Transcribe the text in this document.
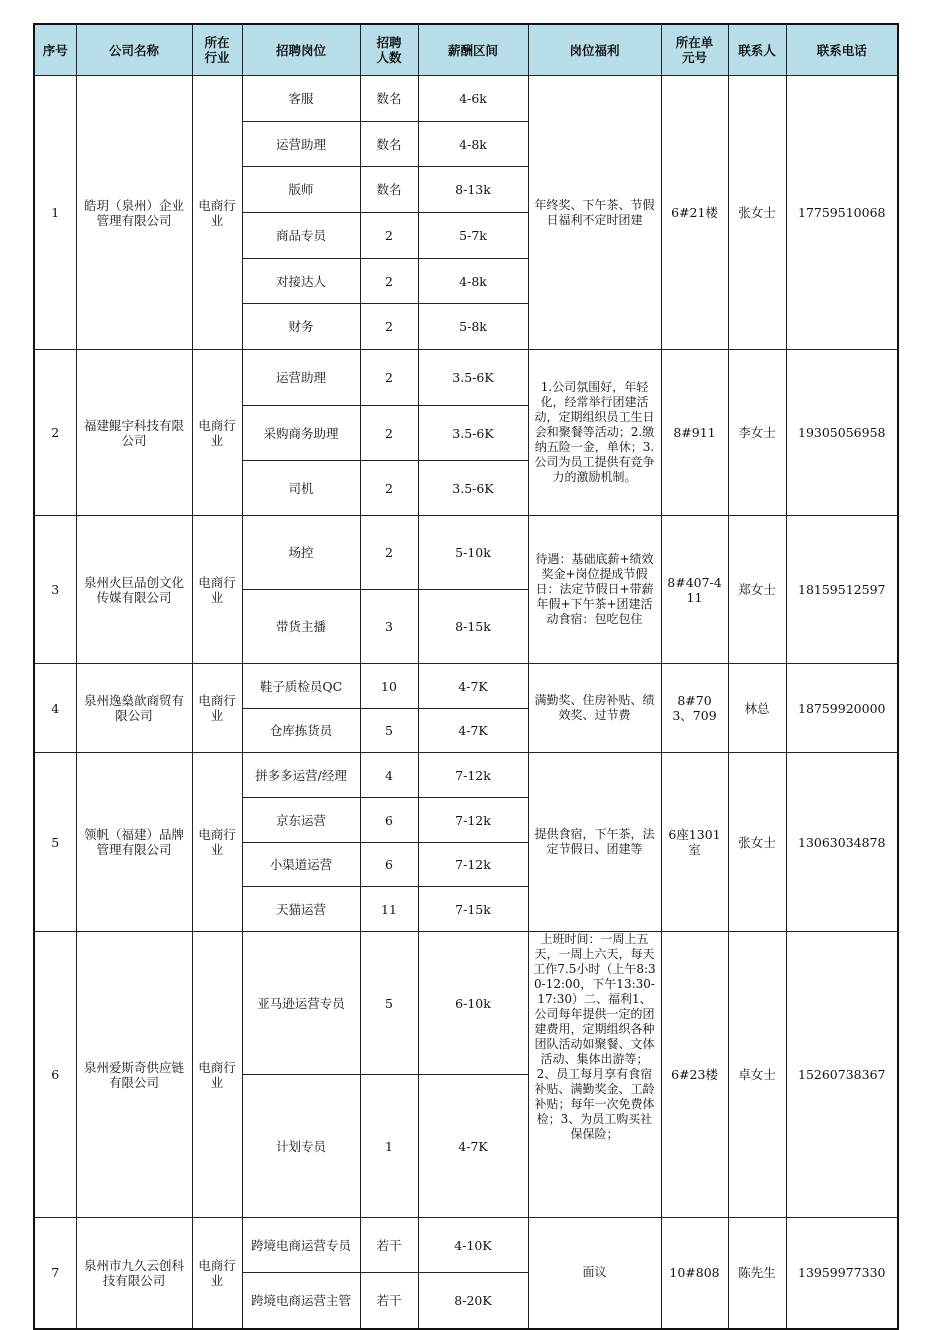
序号	公司名称	所在行业	招聘岗位	招聘人数	薪酬区间	岗位福利	所在单元号	联系人	联系电话
1	皓玥（泉州）企业管理有限公司	电商行业	客服	数名	4-6k	年终奖、下午茶、节假日福利不定时团建	6#21楼	张女士	17759510068
			运营助理	数名	4-8k				
			版师	数名	8-13k				
			商品专员	2	5-7k				
			对接达人	2	4-8k				
			财务	2	5-8k				
2	福建鲲宇科技有限公司	电商行业	运营助理	2	3.5-6K	1.公司氛围好，年轻化，经常举行团建活动，定期组织员工生日会和聚餐等活动；2.缴纳五险一金，单休；3.公司为员工提供有竞争力的激励机制。	8#911	李女士	19305056958
			采购商务助理	2	3.5-6K				
			司机	2	3.5-6K				
3	泉州火巨品创文化传媒有限公司	电商行业	场控	2	5-10k	待遇：基础底薪+绩效奖金+岗位提成节假日：法定节假日+带薪年假+下午茶+团建活动食宿：包吃包住	8#407-411	郑女士	18159512597
			带货主播	3	8-15k				
4	泉州逸燊歆商贸有限公司	电商行业	鞋子质检员QC	10	4-7K	满勤奖、住房补贴、绩效奖、过节费	8#703、709	林总	18759920000
			仓库拣货员	5	4-7K				
5	领帆（福建）品牌管理有限公司	电商行业	拼多多运营/经理	4	7-12k	提供食宿，下午茶，法定节假日、团建等	6座1301室	张女士	13063034878
			京东运营	6	7-12k				
			小渠道运营	6	7-12k				
			天猫运营	11	7-15k				
6	泉州爱斯奇供应链有限公司	电商行业	亚马逊运营专员	5	6-10k	上班时间：一周上五天，一周上六天，每天工作7.5小时（上午8:30-12:00，下午13:30-17:30）二、福利1、公司每年提供一定的团建费用，定期组织各种团队活动如聚餐、文体活动、集体出游等；2、员工每月享有食宿补贴、满勤奖金、工龄补贴；每年一次免费体检；3、为员工购买社保保险；	6#23楼	卓女士	15260738367
			计划专员	1	4-7K				
7	泉州市九久云创科技有限公司	电商行业	跨境电商运营专员	若干	4-10K	面议	10#808	陈先生	13959977330
			跨境电商运营主管	若干	8-20K				
